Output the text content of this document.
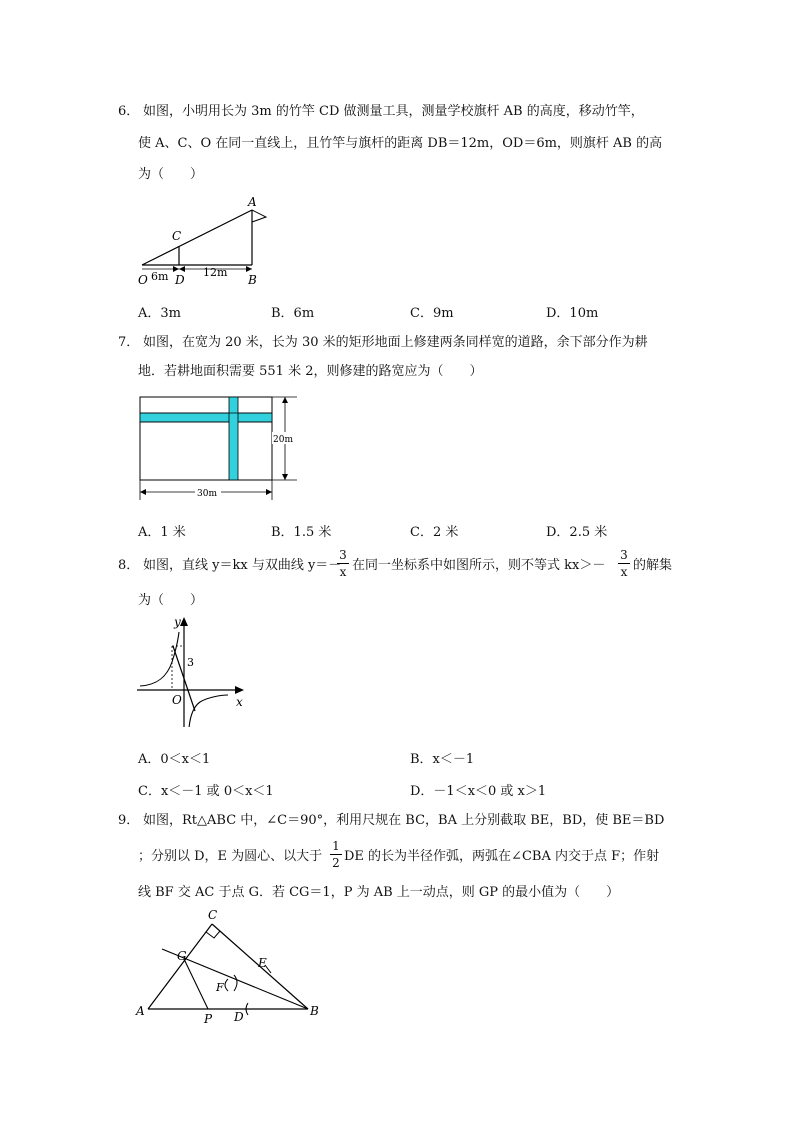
6． 如图，小明用长为 3m 的竹竿 CD 做测量工具，测量学校旗杆 AB 的高度，移动竹竿，
使 A、C、O 在同一直线上，且竹竿与旗杆的距离 DB＝12m，OD＝6m，则旗杆 AB 的高
为（　　）
A
C
O D	B
6m	12m
A．3m	B．6m	C．9m	D．10m
7． 如图，在宽为 20 米，长为 30 米的矩形地面上修建两条同样宽的道路，余下部分作为耕
地．若耕地面积需要 551 米 2，则修建的路宽应为（　　）
20m
30m
A．1 米	B．1.5 米	C．2 米	D．2.5 米
8． 如图，直线 y＝kx 与双曲线 y＝－
3
x 在同一坐标系中如图所示，则不等式 kx＞－
3
x 的解集
为（　　）
y
x
O
3
A．0＜x＜1	B．x＜－1
C．x＜－1 或 0＜x＜1	D．－1＜x＜0 或 x＞1
9． 如图，Rt△ABC 中，∠C＝90°，利用尺规在 BC，BA 上分别截取 BE，BD，使 BE＝BD
；分别以 D，E 为圆心、以大于
1
2 DE 的长为半径作弧，两弧在∠CBA 内交于点 F；作射
线 BF 交 AC 于点 G．若 CG＝1，P 为 AB 上一动点，则 GP 的最小值为（　　）
C
G	E
F
A
P D	B
